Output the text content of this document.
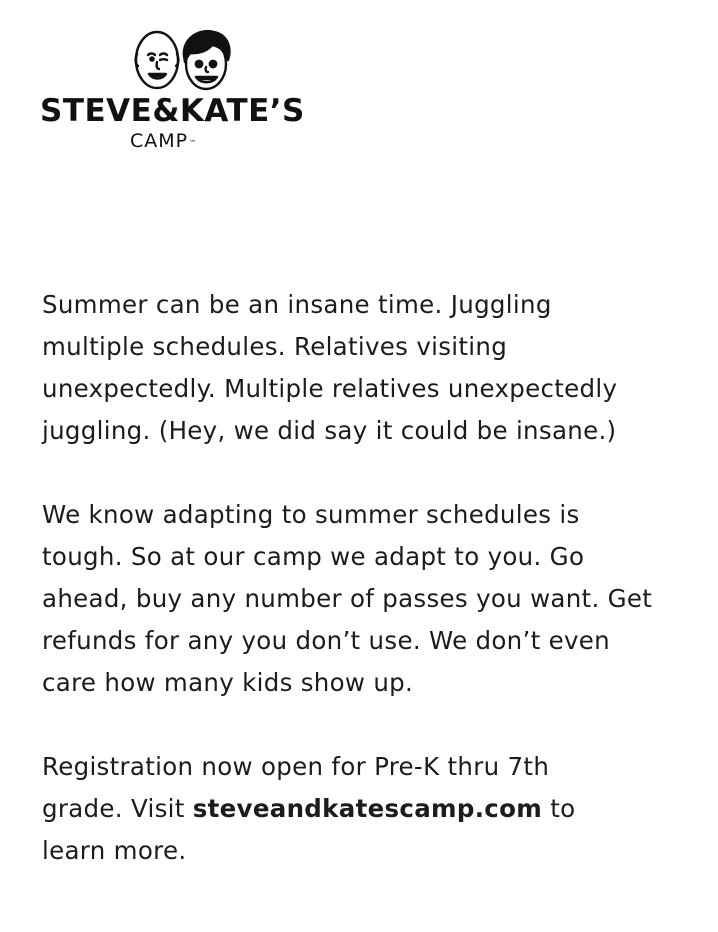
STEVE&KATE’S
CAMP™

Summer can be an insane time. Juggling
multiple schedules. Relatives visiting
unexpectedly. Multiple relatives unexpectedly
juggling. (Hey, we did say it could be insane.)

We know adapting to summer schedules is
tough. So at our camp we adapt to you. Go
ahead, buy any number of passes you want. Get
refunds for any you don’t use. We don’t even
care how many kids show up.

Registration now open for Pre-K thru 7th
grade. Visit steveandkatescamp.com to
learn more.
